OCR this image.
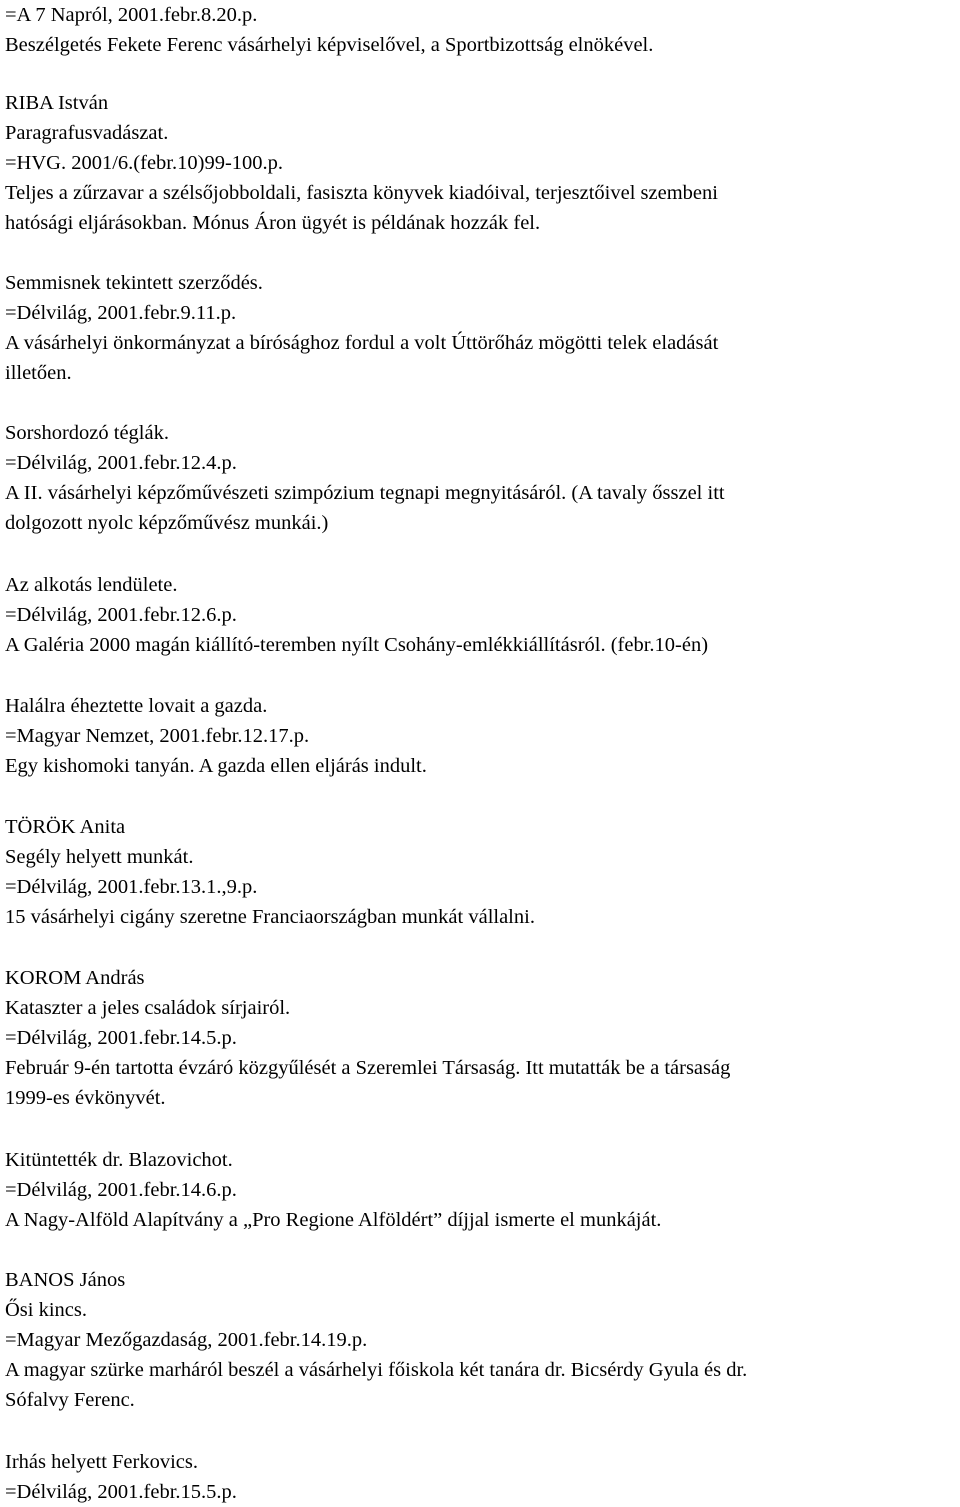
=A 7 Napról, 2001.febr.8.20.p.
Beszélgetés Fekete Ferenc vásárhelyi képviselővel, a Sportbizottság elnökével.
RIBA István
Paragrafusvadászat.
=HVG. 2001/6.(febr.10)99-100.p.
Teljes a zűrzavar a szélsőjobboldali, fasiszta könyvek kiadóival, terjesztőivel szembeni
hatósági eljárásokban. Mónus Áron ügyét is példának hozzák fel.
Semmisnek tekintett szerződés.
=Délvilág, 2001.febr.9.11.p.
A vásárhelyi önkormányzat a bírósághoz fordul a volt Úttörőház mögötti telek eladását
illetően.
Sorshordozó téglák.
=Délvilág, 2001.febr.12.4.p.
A II. vásárhelyi képzőművészeti szimpózium tegnapi megnyitásáról. (A tavaly ősszel itt
dolgozott nyolc képzőművész munkái.)
Az alkotás lendülete.
=Délvilág, 2001.febr.12.6.p.
A Galéria 2000 magán kiállító-teremben nyílt Csohány-emlékkiállításról. (febr.10-én)
Halálra éheztette lovait a gazda.
=Magyar Nemzet, 2001.febr.12.17.p.
Egy kishomoki tanyán. A gazda ellen eljárás indult.
TÖRÖK Anita
Segély helyett munkát.
=Délvilág, 2001.febr.13.1.,9.p.
15 vásárhelyi cigány szeretne Franciaországban munkát vállalni.
KOROM András
Kataszter a jeles családok sírjairól.
=Délvilág, 2001.febr.14.5.p.
Február 9-én tartotta évzáró közgyűlését a Szeremlei Társaság. Itt mutatták be a társaság
1999-es évkönyvét.
Kitüntették dr. Blazovichot.
=Délvilág, 2001.febr.14.6.p.
A Nagy-Alföld Alapítvány a „Pro Regione Alföldért” díjjal ismerte el munkáját.
BANOS János
Ősi kincs.
=Magyar Mezőgazdaság, 2001.febr.14.19.p.
A magyar szürke marháról beszél a vásárhelyi főiskola két tanára dr. Bicsérdy Gyula és dr.
Sófalvy Ferenc.
Irhás helyett Ferkovics.
=Délvilág, 2001.febr.15.5.p.
